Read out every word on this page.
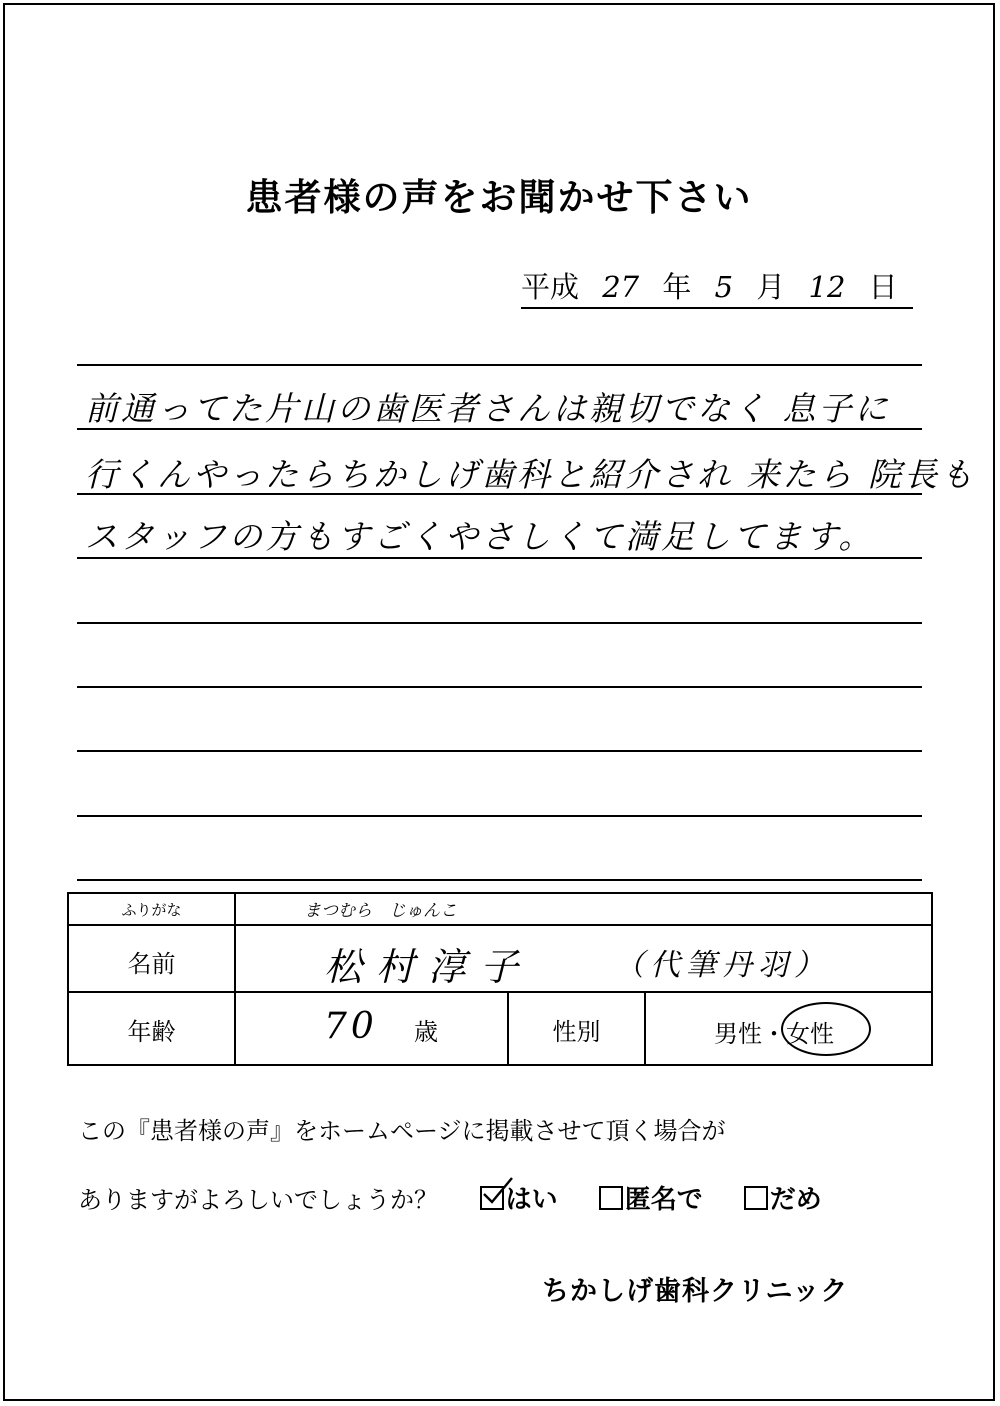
患者様の声をお聞かせ下さい
平成 27 年 5 月 12 日
前通ってた片山の歯医者さんは親切でなく 息子に
行くんやったらちかしげ歯科と紹介され 来たら 院長も
スタッフの方もすごくやさしくて満足してます。
ふりがな	まつむら　じゅんこ
名前	松村淳子	（代筆丹羽）
年齢	70 歳	性別	男性・女性
この『患者様の声』をホームページに掲載させて頂く場合が
ありますがよろしいでしょうか？	はい	匿名で	だめ
ちかしげ歯科クリニック
